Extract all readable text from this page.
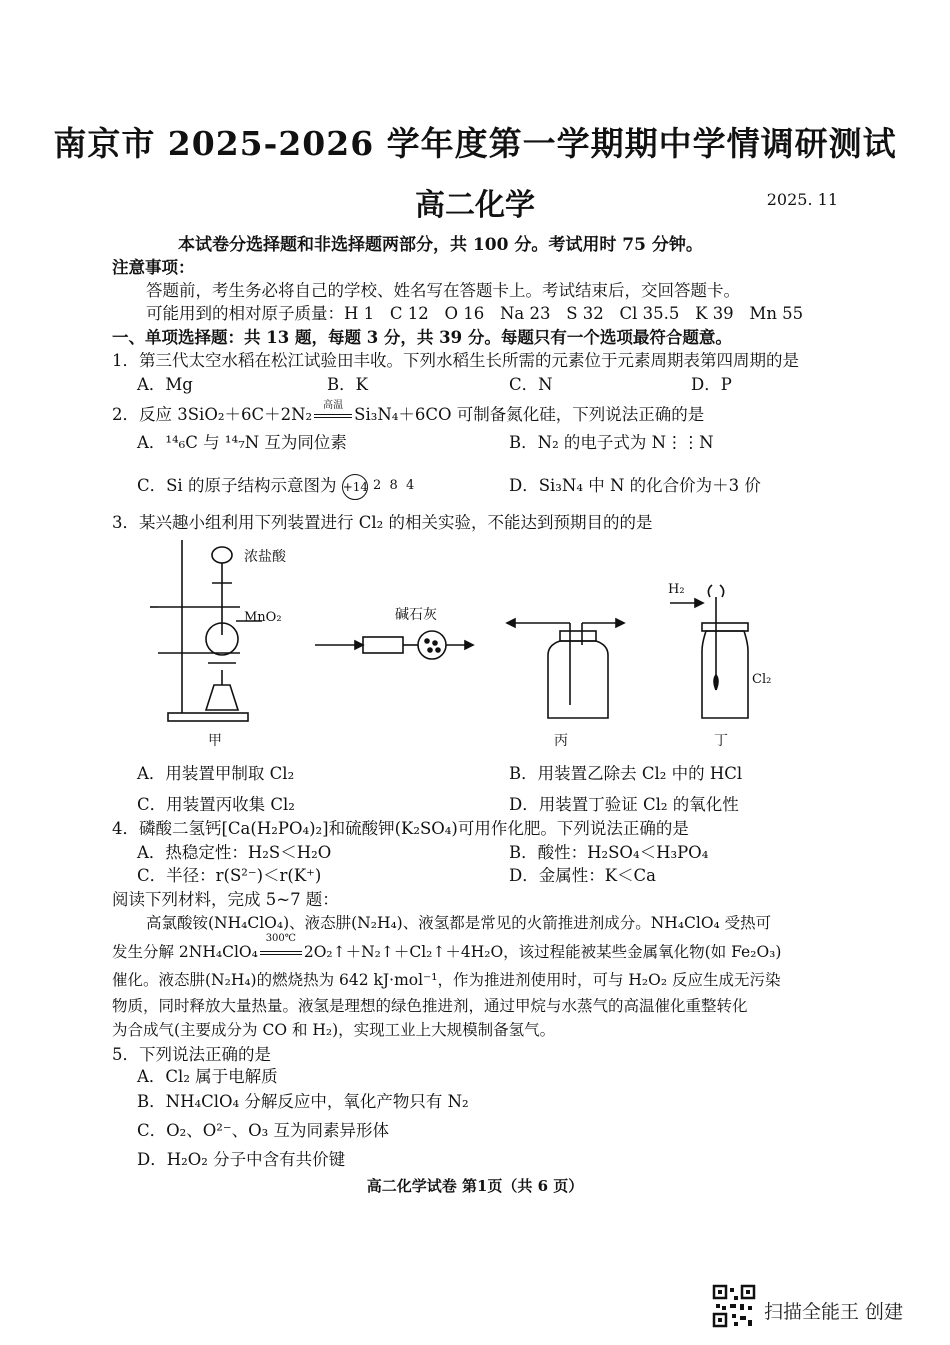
南京市 2025-2026 学年度第一学期期中学情调研测试
高二化学	2025. 11
本试卷分选择题和非选择题两部分，共 100 分。考试用时 75 分钟。
注意事项：
答题前，考生务必将自己的学校、姓名写在答题卡上。考试结束后，交回答题卡。
可能用到的相对原子质量：H 1   C 12   O 16   Na 23   S 32   Cl 35.5   K 39   Mn 55
一、单项选择题：共 13 题，每题 3 分，共 39 分。每题只有一个选项最符合题意。
1．第三代太空水稻在松江试验田丰收。下列水稻生长所需的元素位于元素周期表第四周期的是
A．Mg	B．K	C．N	D．P
2．反应 3SiO₂＋6C＋2N₂	高温 Si₃N₄＋6CO 可制备氮化硅，下列说法正确的是
A．¹⁴₆C 与 ¹⁴₇N 互为同位素	B．N₂ 的电子式为 N⋮⋮N
C．Si 的原子结构示意图为 +14 2  8  4	D．Si₃N₄ 中 N 的化合价为＋3 价
3．某兴趣小组利用下列装置进行 Cl₂ 的相关实验，不能达到预期目的的是
浓盐酸
MnO₂	碱石灰
H₂
Cl₂
甲	丙	丁
A．用装置甲制取 Cl₂	B．用装置乙除去 Cl₂ 中的 HCl
C．用装置丙收集 Cl₂	D．用装置丁验证 Cl₂ 的氧化性
4．磷酸二氢钙[Ca(H₂PO₄)₂]和硫酸钾(K₂SO₄)可用作化肥。下列说法正确的是
A．热稳定性：H₂S＜H₂O	B．酸性：H₂SO₄＜H₃PO₄
C．半径：r(S²⁻)＜r(K⁺)	D．金属性：K＜Ca
阅读下列材料，完成 5~7 题：
高氯酸铵(NH₄ClO₄)、液态肼(N₂H₄)、液氢都是常见的火箭推进剂成分。NH₄ClO₄ 受热可
发生分解 2NH₄ClO₄
300℃
2O₂↑＋N₂↑＋Cl₂↑＋4H₂O，该过程能被某些金属氧化物(如 Fe₂O₃)
催化。液态肼(N₂H₄)的燃烧热为 642 kJ·mol⁻¹，作为推进剂使用时，可与 H₂O₂ 反应生成无污染
物质，同时释放大量热量。液氢是理想的绿色推进剂，通过甲烷与水蒸气的高温催化重整转化
为合成气(主要成分为 CO 和 H₂)，实现工业上大规模制备氢气。
5．下列说法正确的是
A．Cl₂ 属于电解质
B．NH₄ClO₄ 分解反应中，氧化产物只有 N₂
C．O₂、O²⁻、O₃ 互为同素异形体
D．H₂O₂ 分子中含有共价键
高二化学试卷 第1页（共 6 页）
扫描全能王 创建
